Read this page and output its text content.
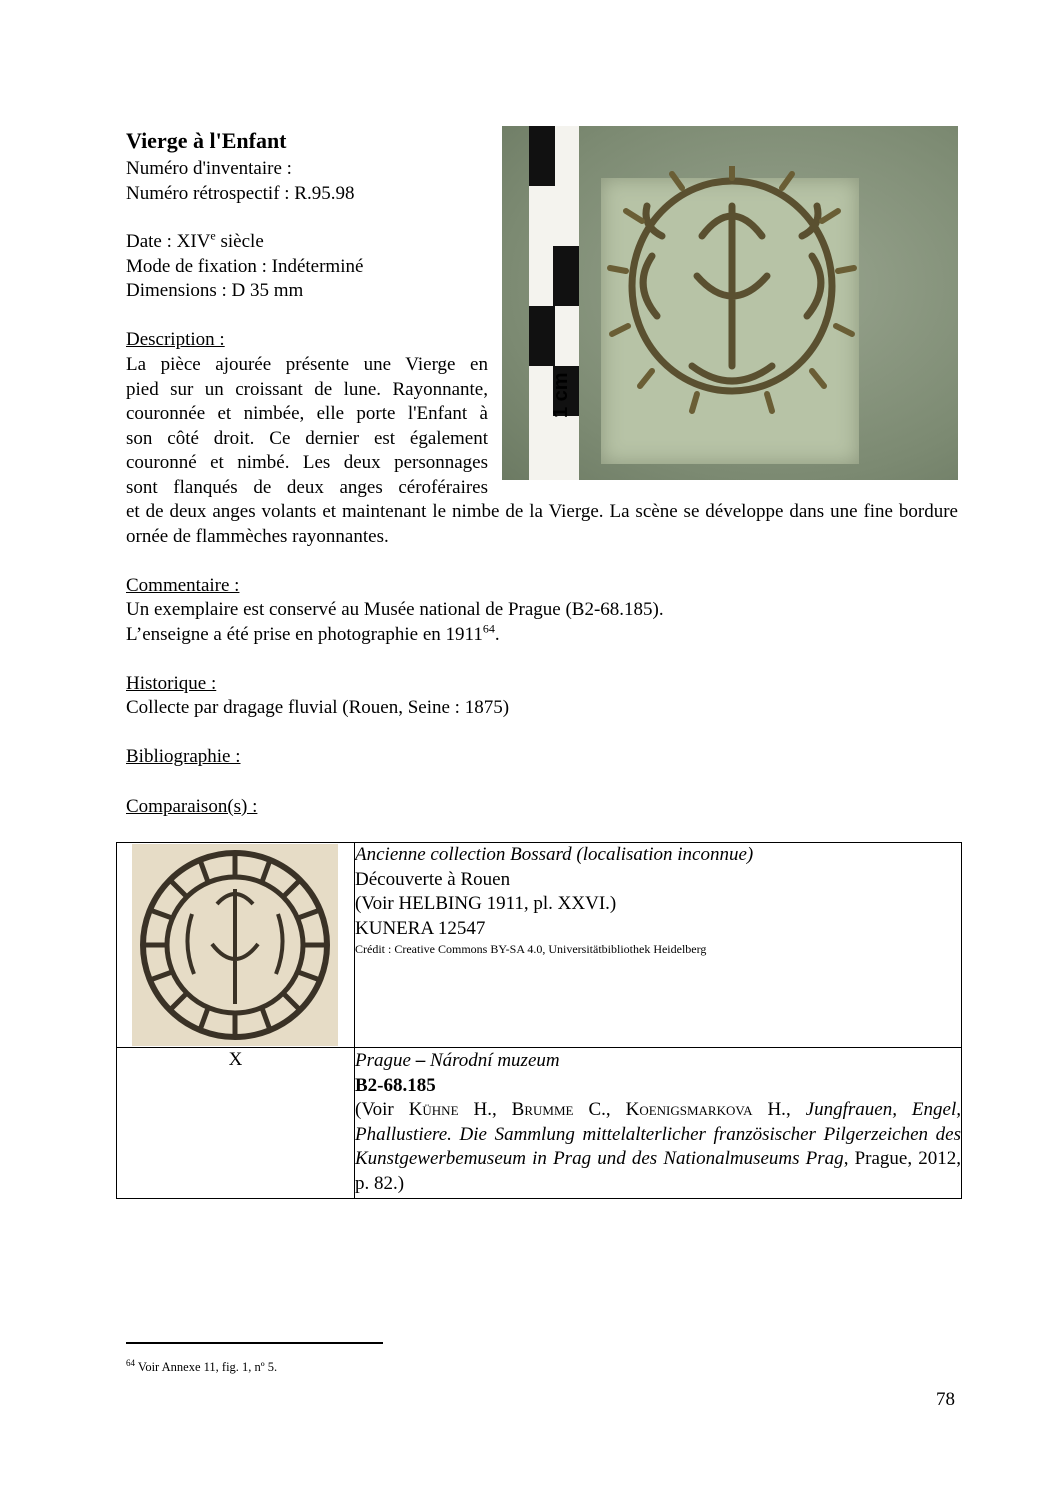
Vierge à l'Enfant
Numéro d'inventaire :
Numéro rétrospectif : R.95.98
Date : XIVe siècle
Mode de fixation : Indéterminé
Dimensions : D 35 mm
1 cm
Description :
La pièce ajourée présente une Vierge en
pied sur un croissant de lune. Rayonnante,
couronnée et nimbée, elle porte l'Enfant à
son côté droit. Ce dernier est également
couronné et nimbé. Les deux personnages
sont flanqués de deux anges céroféraires
et de deux anges volants et maintenant le nimbe de la Vierge. La scène se développe dans une fine bordure ornée de flammèches rayonnantes.
Commentaire :
Un exemplaire est conservé au Musée national de Prague (B2-68.185).
L’enseigne a été prise en photographie en 1911$^{64}$.
Historique :
Collecte par dragage fluvial (Rouen, Seine : 1875)
Bibliographie :
Comparaison(s) :

Ancienne collection Bossard (localisation inconnue)
Découverte à Rouen
(Voir HELBING 1911, pl. XXVI.)
KUNERA 12547
Crédit : Creative Commons BY-SA 4.0, Universitätbibliothek Heidelberg

X	Prague – Národní muzeum
B2-68.185
(Voir Kühne H., Brumme C., Koenigsmarkova H., Jungfrauen, Engel, Phallustiere. Die Sammlung mittelalterlicher französischer Pilgerzeichen des Kunstgewerbemuseum in Prag und des Nationalmuseums Prag, Prague, 2012, p. 82.)
$^{64}$ Voir Annexe 11, fig. 1, nº 5.
78
